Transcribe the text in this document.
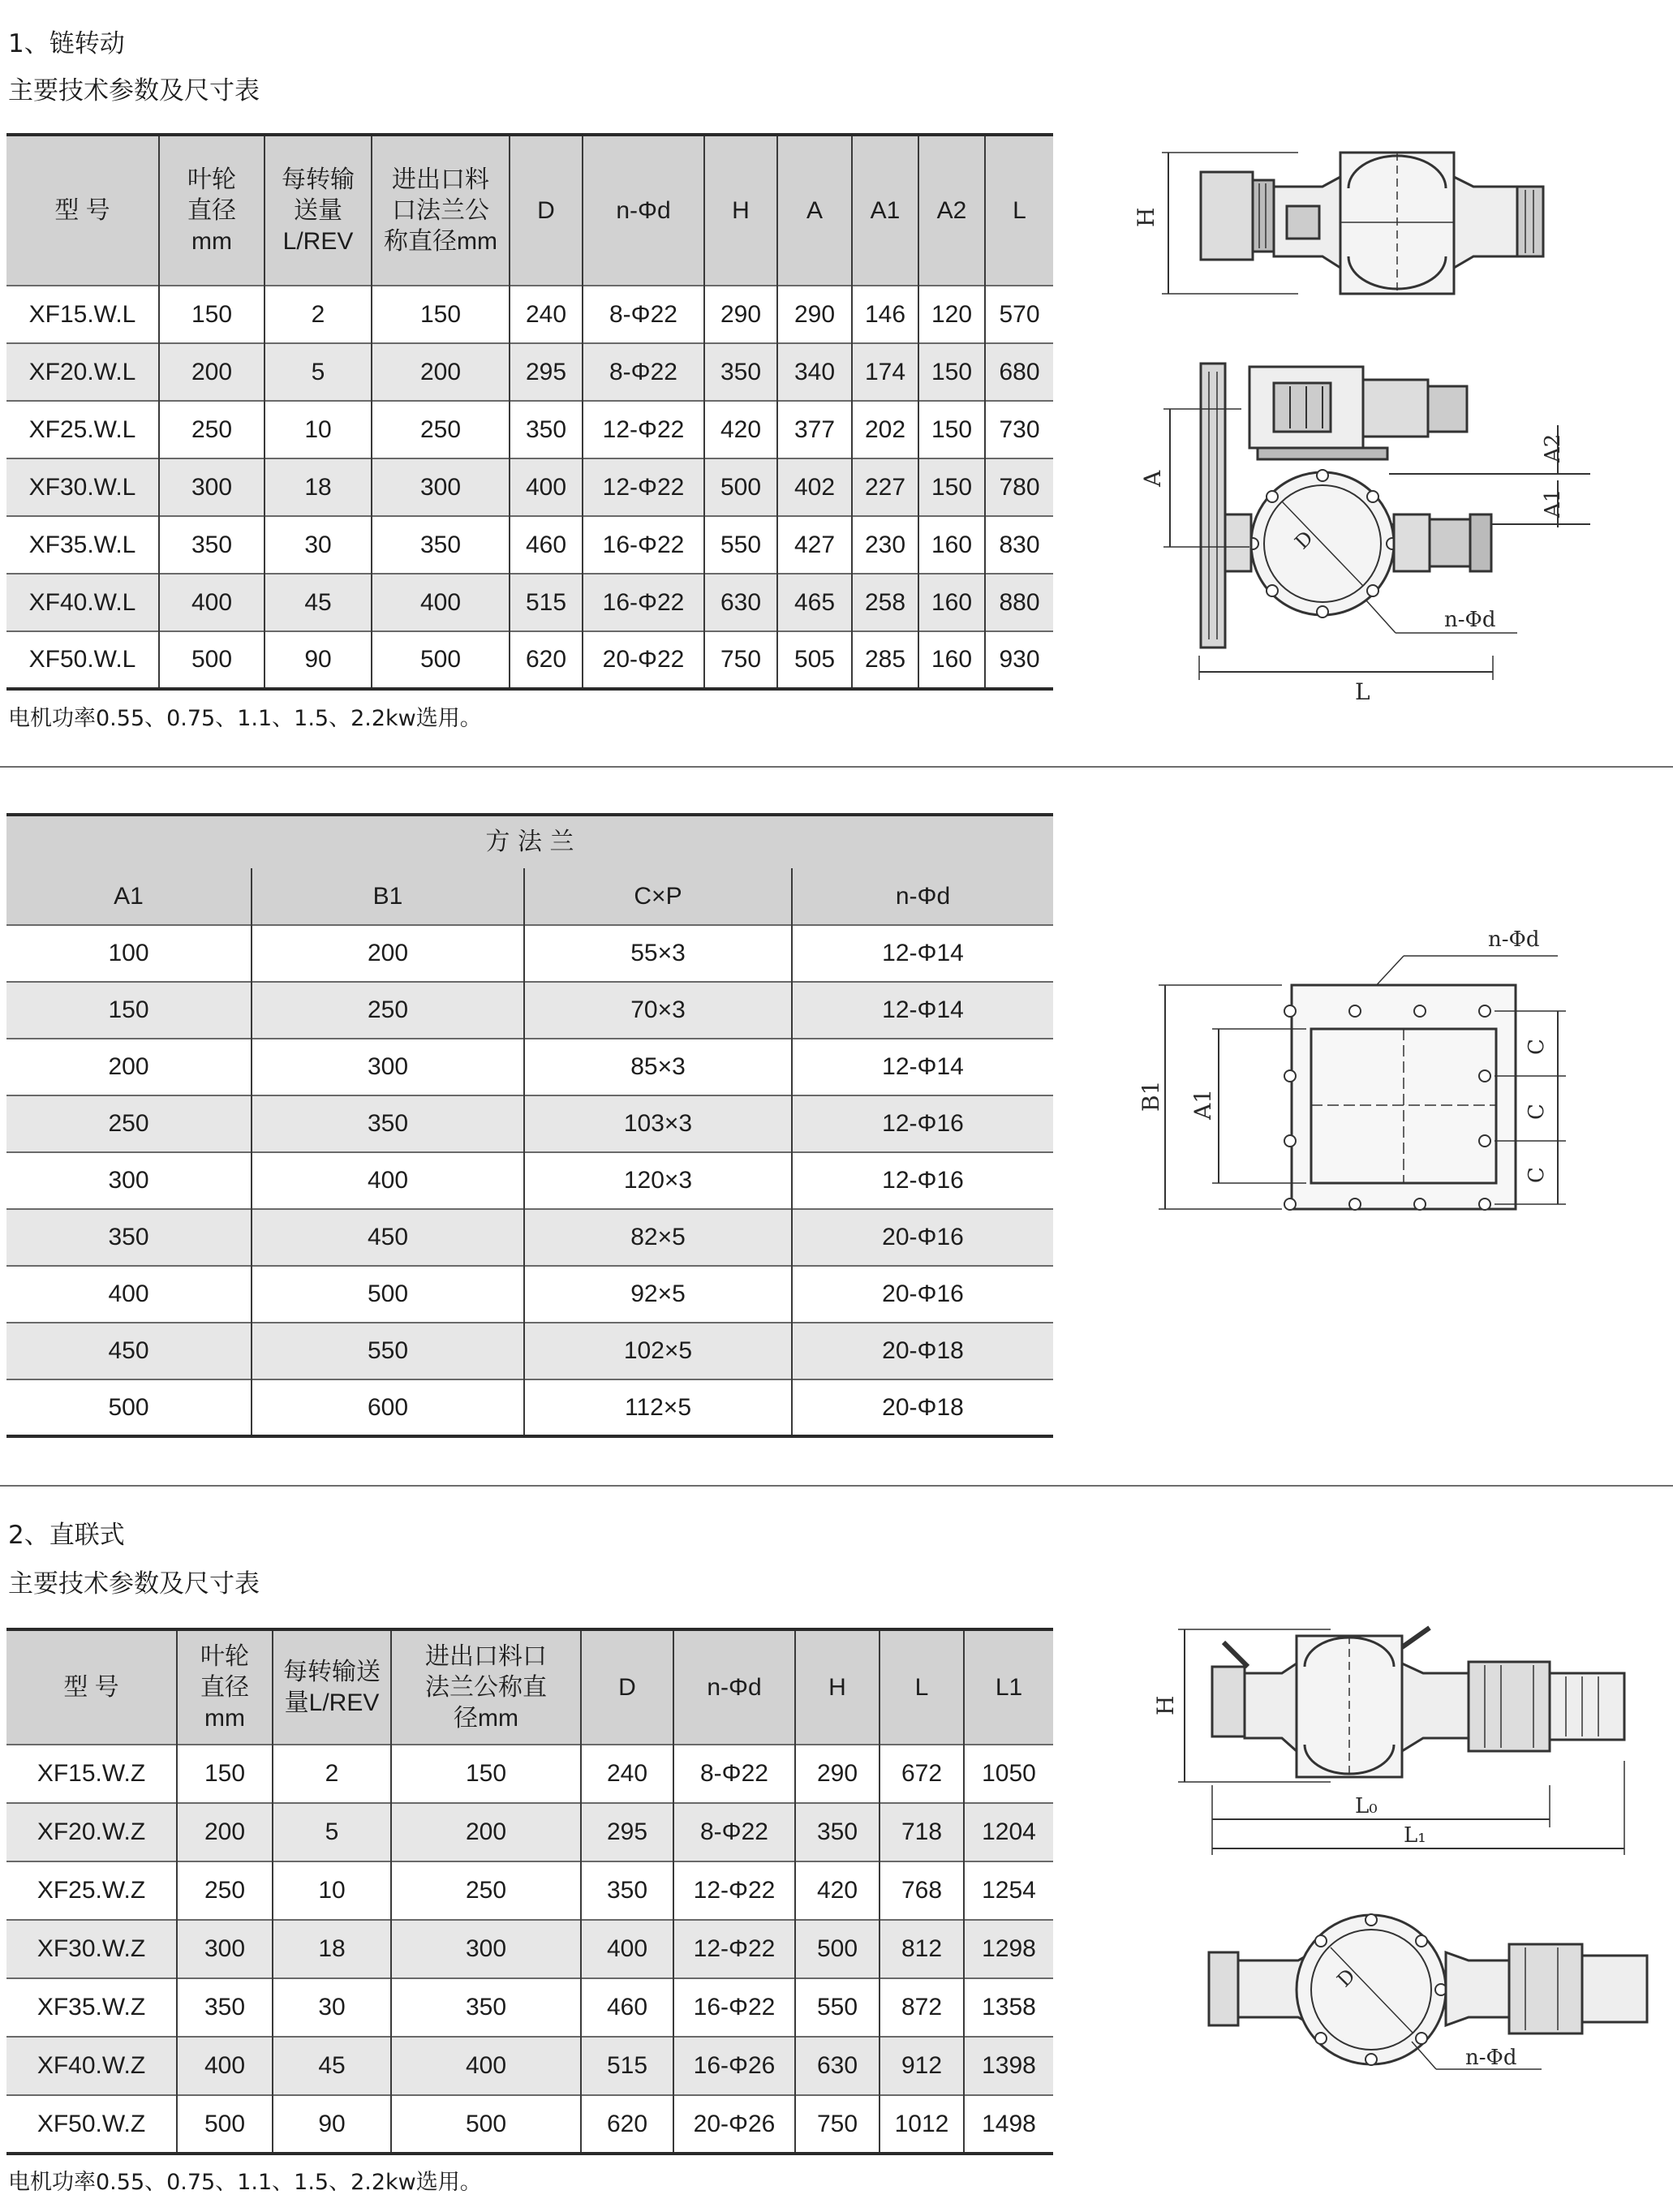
1、链转动
主要技术参数及尺寸表
型 号	叶轮
直径
mm	每转输
送量
L/REV	进出口料
口法兰公
称直径mm	D	n-Φd	H	A	A1	A2	L
XF15.W.L	150	2	150	240	8-Φ22	290	290	146	120	570
XF20.W.L	200	5	200	295	8-Φ22	350	340	174	150	680
XF25.W.L	250	10	250	350	12-Φ22	420	377	202	150	730
XF30.W.L	300	18	300	400	12-Φ22	500	402	227	150	780
XF35.W.L	350	30	350	460	16-Φ22	550	427	230	160	830
XF40.W.L	400	45	400	515	16-Φ22	630	465	258	160	880
XF50.W.L	500	90	500	620	20-Φ22	750	505	285	160	930
电机功率0.55、0.75、1.1、1.5、2.2kw选用。
方 法 兰			
A1	B1	C×P	n-Φd
100	200	55×3	12-Φ14
150	250	70×3	12-Φ14
200	300	85×3	12-Φ14
250	350	103×3	12-Φ16
300	400	120×3	12-Φ16
350	450	82×5	20-Φ16
400	500	92×5	20-Φ16
450	550	102×5	20-Φ18
500	600	112×5	20-Φ18
2、直联式
主要技术参数及尺寸表
型 号	叶轮
直径
mm	每转输送
量L/REV	进出口料口
法兰公称直
径mm	D	n-Φd	H	L	L1
XF15.W.Z	150	2	150	240	8-Φ22	290	672	1050
XF20.W.Z	200	5	200	295	8-Φ22	350	718	1204
XF25.W.Z	250	10	250	350	12-Φ22	420	768	1254
XF30.W.Z	300	18	300	400	12-Φ22	500	812	1298
XF35.W.Z	350	30	350	460	16-Φ22	550	872	1358
XF40.W.Z	400	45	400	515	16-Φ26	630	912	1398
XF50.W.Z	500	90	500	620	20-Φ26	750	1012	1498
电机功率0.55、0.75、1.1、1.5、2.2kw选用。
H
D
A
A2
A1
n-Φd
L
n-Φd
B1 A1
C
C
C
H
L₀
L₁
D
n-Φd
